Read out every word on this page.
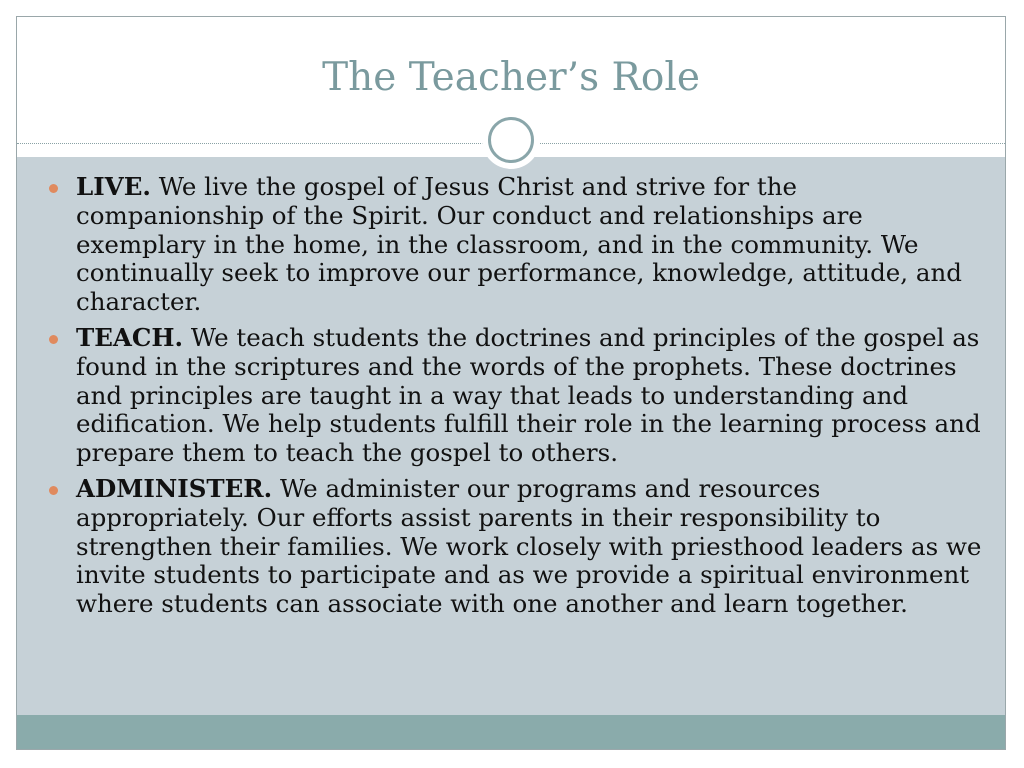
The Teacher’s Role
LIVE. We live the gospel of Jesus Christ and strive for the companionship of the Spirit. Our conduct and relationships are exemplary in the home, in the classroom, and in the community. We continually seek to improve our performance, knowledge, attitude, and character.
TEACH. We teach students the doctrines and principles of the gospel as found in the scriptures and the words of the prophets. These doctrines and principles are taught in a way that leads to understanding and edification. We help students fulfill their role in the learning process and prepare them to teach the gospel to others.
ADMINISTER. We administer our programs and resources appropriately. Our efforts assist parents in their responsibility to strengthen their families. We work closely with priesthood leaders as we invite students to participate and as we provide a spiritual environment where students can associate with one another and learn together.
